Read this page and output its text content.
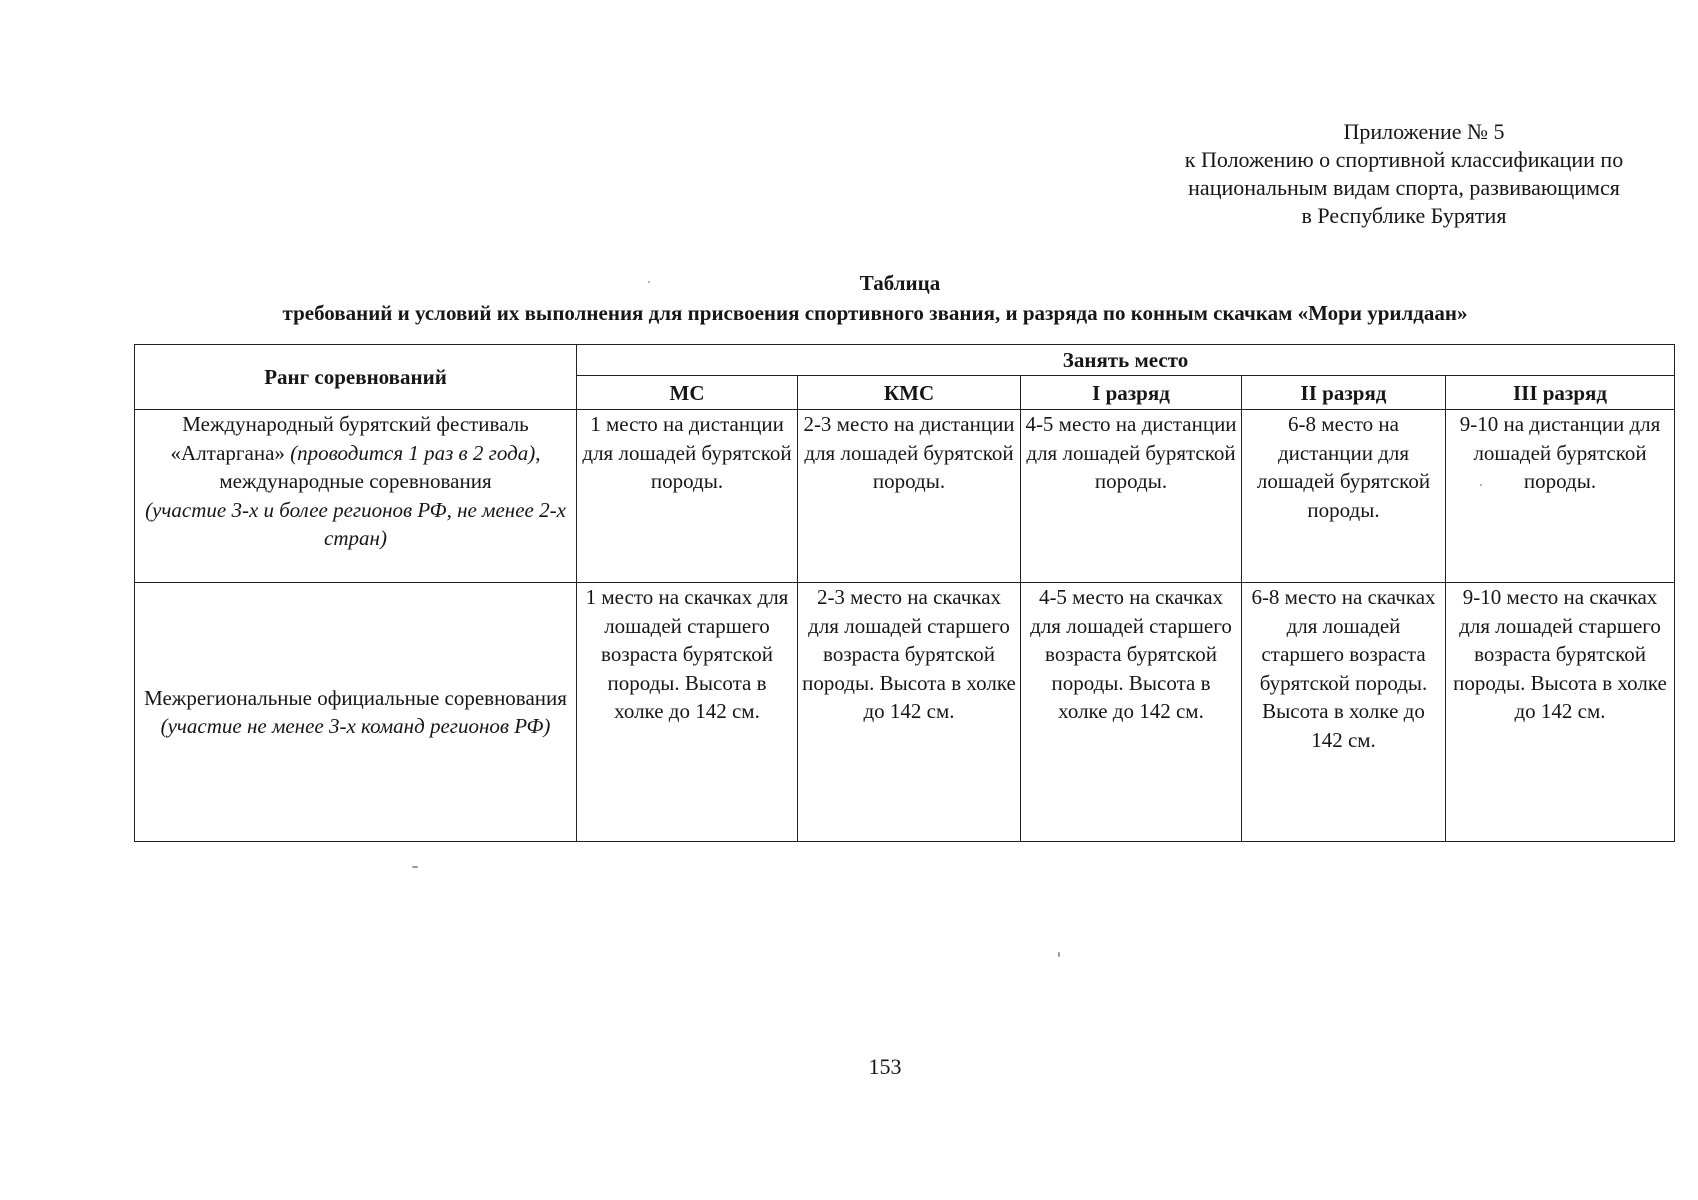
Приложение № 5
к Положению о спортивной классификации по
национальным видам спорта, развивающимся
в Республике Бурятия
Таблица
требований и условий их выполнения для присвоения спортивного звания, и разряда по конным скачкам «Мори урилдаан»
Ранг соревнований	Занять место				
	МС	КМС	I разряд	II разряд	III разряд
Международный бурятский фестиваль «Алтаргана» (проводится 1 раз в 2 года),
международные соревнования
(участие 3-х и более регионов РФ, не менее 2-х стран)	1 место на дистанции для лошадей бурятской породы.	2-3 место на дистанции для лошадей бурятской породы.	4-5 место на дистанции для лошадей бурятской породы.	6-8 место на дистанции для лошадей бурятской породы.	9-10 на дистанции для лошадей бурятской породы.
Межрегиональные официальные соревнования (участие не менее 3-х команд регионов РФ)	1 место на скачках для лошадей старшего возраста бурятской породы. Высота в холке до 142 см.	2-3 место на скачках для лошадей старшего возраста бурятской породы. Высота в холке до 142 см.	4-5 место на скачках для лошадей старшего возраста бурятской породы. Высота в холке до 142 см.	6-8 место на скачках для лошадей старшего возраста бурятской породы. Высота в холке до 142 см.	9-10 место на скачках для лошадей старшего возраста бурятской породы. Высота в холке до 142 см.
153
